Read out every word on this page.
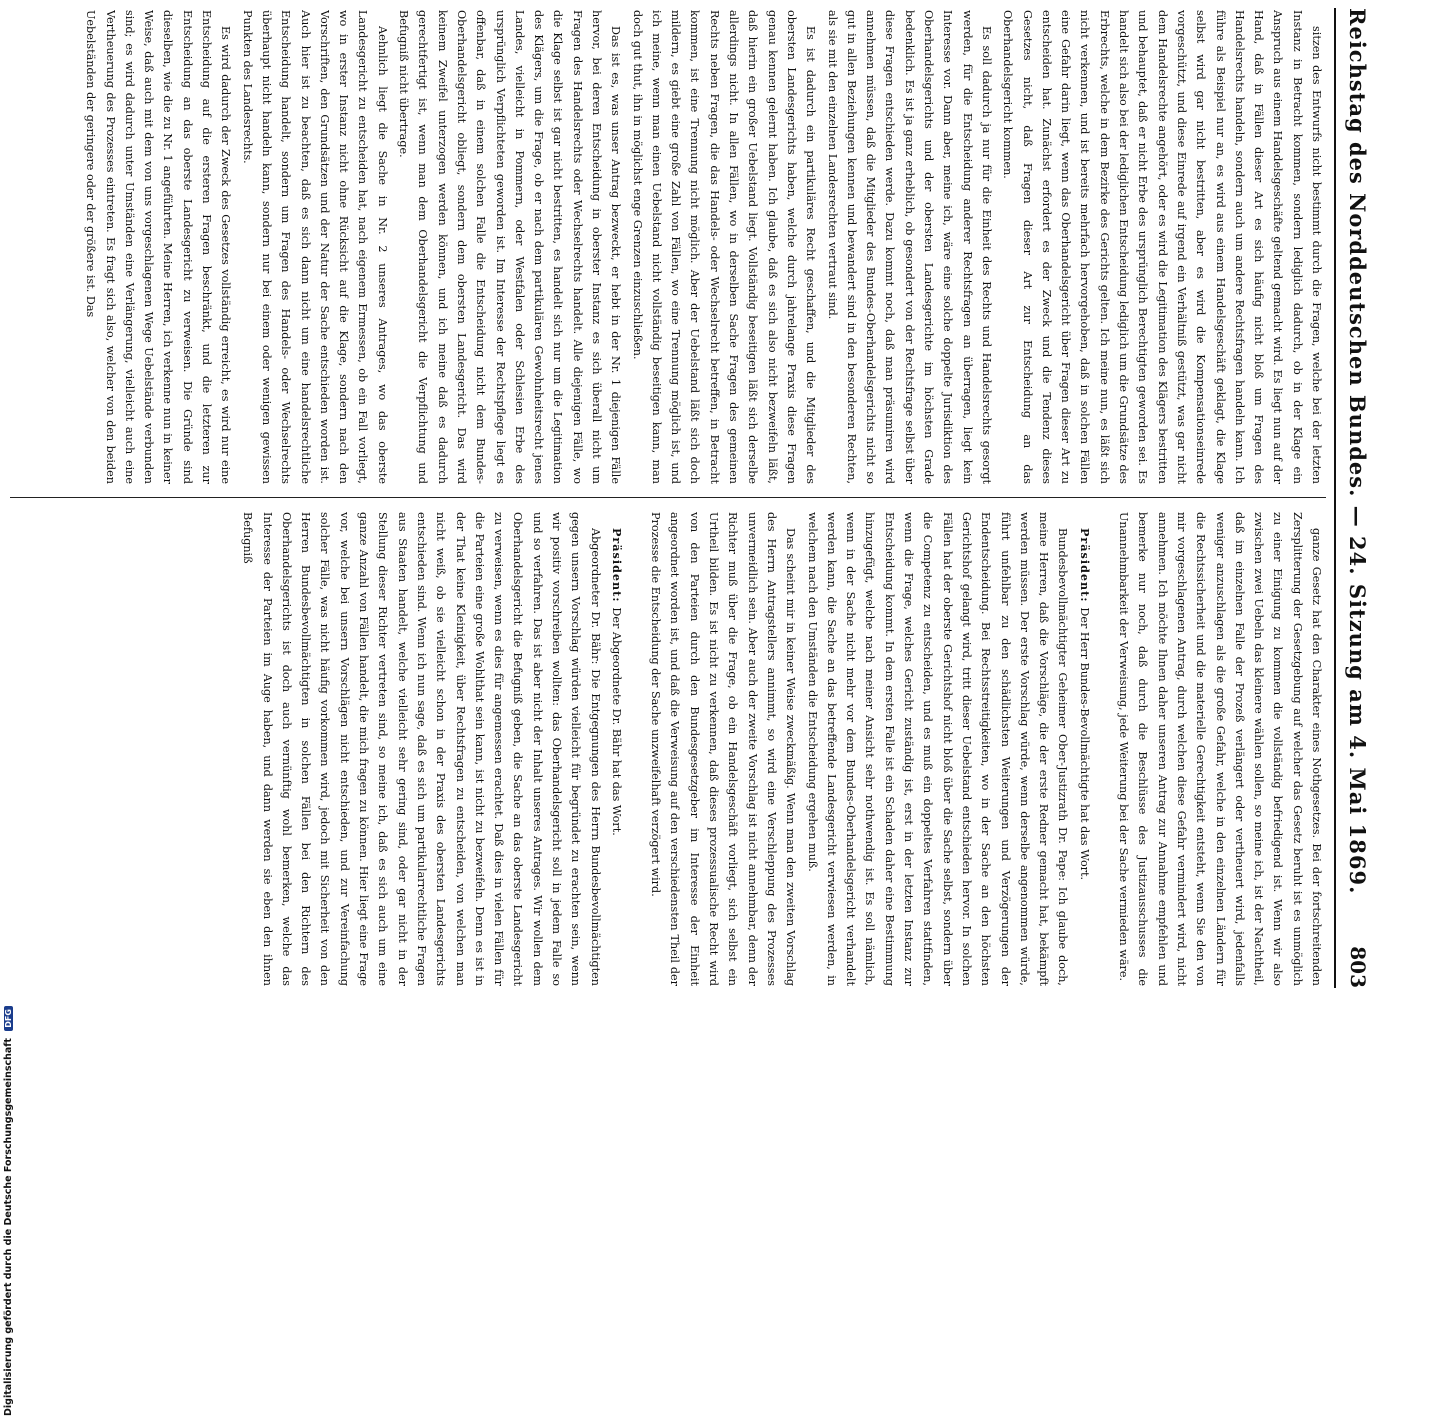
Reichstag des Norddeutschen Bundes. — 24. Sitzung am 4. Mai 1869.
803

sitzen des Entwurfs nicht bestimmt durch die Fragen, welche bei der letzten Instanz in Betracht kommen, sondern lediglich dadurch, ob in der Klage ein Anspruch aus einem Handelsgeschäfte geltend gemacht wird. Es liegt nun auf der Hand, daß in Fällen dieser Art es sich häufig nicht bloß um Fragen des Handelsrechts handeln, sondern auch um andere Rechtsfragen handeln kann. Ich führe als Beispiel nur an, es wird aus einem Handelsgeschäft geklagt, die Klage selbst wird gar nicht bestritten, aber es wird die Kompensationseinrede vorgeschützt, und diese Einrede auf irgend ein Verhältniß gestützt, was gar nicht dem Handelsrechte angehört, oder es wird die Legitimation des Klägers bestritten und behauptet, daß er nicht Erbe des ursprünglich Berechtigten geworden sei. Es handelt sich also bei der lediglichen Entscheidung lediglich um die Grundsätze des Erbrechts, welche in dem Bezirke des Gerichts gelten. Ich meine nun, es läßt sich nicht verkennen, und ist bereits mehrfach hervorgehoben, daß in solchen Fällen eine Gefahr darin liegt, wenn das Oberhandelsgericht über Fragen dieser Art zu entscheiden hat. Zunächst erfordert es der Zweck und die Tendenz dieses Gesetzes nicht, daß Fragen dieser Art zur Entscheidung an das Oberhandelsgericht kommen.

Es soll dadurch ja nur für die Einheit des Rechts und Handelsrechts gesorgt werden, für die Entscheidung anderer Rechtsfragen an überragen, liegt kein Interesse vor. Dann aber, meine ich, wäre eine solche doppelte Jurisdiktion des Oberhandelsgerichts und der obersten Landesgerichte im höchsten Grade bedenklich. Es ist ja ganz erheblich, ob gesondert von der Rechtsfrage selbst über diese Fragen entschieden werde. Dazu kommt noch, daß man präsumiren wird annehmen müssen, daß die Mitglieder des Bundes-Oberhandelsgerichts nicht so gut in allen Beziehungen kennen und bewandert sind in den besonderen Rechten, als sie mit den einzelnen Landesrechten vertraut sind.

Es ist dadurch ein partikuläres Recht geschaffen, und die Mitglieder des obersten Landesgerichts haben, welche durch jahrelange Praxis diese Fragen genau kennen gelernt haben. Ich glaube, daß es sich also nicht bezweifeln läßt, daß hierin ein großer Uebelstand liegt. Vollständig beseitigen läßt sich derselbe allerdings nicht. In allen Fällen, wo in derselben Sache Fragen des gemeinen Rechts neben Fragen, die das Handels- oder Wechselrecht betreffen, in Betracht kommen, ist eine Trennung nicht möglich. Aber der Uebelstand läßt sich doch mildern, es giebt eine große Zahl von Fällen, wo eine Trennung möglich ist, und ich meine, wenn man einen Uebelstand nicht vollständig beseitigen kann, man doch gut thut, ihn in möglichst enge Grenzen einzuschließen.

Das ist es, was unser Antrag bezweckt, er hebt in der Nr. 1 diejenigen Fälle hervor, bei deren Entscheidung in oberster Instanz es sich überall nicht um Fragen des Handelsrechts oder Wechselrechts handelt. Alle diejenigen Fälle, wo die Klage selbst ist gar nicht bestritten, es handelt sich nur um die Legitimation des Klägers, um die Frage, ob er nach dem partikulären Gewohnheitsrecht jenes Landes, vielleicht in Pommern, oder Westfalen oder Schlesien Erbe des ursprünglich Verpflichteten geworden ist. Im Interesse der Rechtspflege liegt es offenbar, daß in einem solchen Falle die Entscheidung nicht dem Bundes-Oberhandelsgericht obliegt, sondern dem obersten Landesgericht. Das wird keinem Zweifel unterzogen werden können, und ich meine daß es dadurch gerechtfertigt ist, wenn man dem Oberhandelsgericht die Verpflichtung und Befugniß nicht übertrage.

Aehnlich liegt die Sache in Nr. 2 unseres Antrages, wo das oberste Landesgericht zu entscheiden hat, nach eigenem Ermessen, ob ein Fall vorliegt, wo in erster Instanz nicht ohne Rücksicht auf die Klage, sondern nach den Vorschriften, den Grundsätzen und der Natur der Sache entschieden worden ist. Auch hier ist zu beachten, daß es sich dann nicht um eine handelsrechtliche Entscheidung handelt, sondern um Fragen des Handels- oder Wechselrechts überhaupt nicht handeln kann, sondern nur bei einem oder wenigen gewissen Punkten des Landesrechts.

Es wird dadurch der Zweck des Gesetzes vollständig erreicht, es wird nur eine Entscheidung auf die ersteren Fragen beschränkt, und die letzteren zur Entscheidung an das oberste Landesgericht zu verweisen. Die Gründe sind dieselben, wie die zu Nr. 1 angeführten. Meine Herren, ich verkenne nun in keiner Weise, daß auch mit dem von uns vorgeschlagenen Wege Uebelstände verbunden sind; es wird dadurch unter Umständen eine Verlängerung, vielleicht auch eine Vertheuerung des Prozesses eintreten. Es fragt sich also, welcher von den beiden Uebelständen der geringere oder der größere ist. Das

ganze Gesetz hat den Charakter eines Nothgesetzes. Bei der fortschreitenden Zersplitterung der Gesetzgebung auf welcher das Gesetz beruht ist es unmöglich zu einer Einigung zu kommen die vollständig befriedigend ist. Wenn wir also zwischen zwei Uebeln das kleinere wählen sollen, so meine ich, ist der Nachtheil, daß im einzelnen Falle der Prozeß verlängert oder vertheuert wird, jedenfalls weniger anzuschlagen als die große Gefahr, welche in den einzelnen Ländern für die Rechtssicherheit und die materielle Gerechtigkeit entsteht, wenn Sie den von mir vorgeschlagenen Antrag, durch welchen diese Gefahr vermindert wird, nicht annehmen. Ich möchte Ihnen daher unseren Antrag zur Annahme empfehlen und bemerke nur noch, daß durch die Beschlüsse des Justizausschusses die Unannehmbarkeit der Verweisung, jede Weiterung bei der Sache vermieden wäre.

Präsident: Der Herr Bundes-Bevollmächtigte hat das Wort.

Bundesbevollmächtigter Geheimer Ober-Justizrath Dr. Pape: Ich glaube doch, meine Herren, daß die Vorschläge, die der erste Redner gemacht hat, bekämpft werden müssen. Der erste Vorschlag würde, wenn derselbe angenommen würde, führt unfehlbar zu den schädlichsten Weiterungen und Verzögerungen der Endentscheidung. Bei Rechtsstreitigkeiten, wo in der Sache an den höchsten Gerichtshof gelangt wird, tritt dieser Uebelstand entschieden hervor. In solchen Fällen hat der oberste Gerichtshof nicht bloß über die Sache selbst, sondern über die Competenz zu entscheiden, und es muß ein doppeltes Verfahren stattfinden, wenn die Frage, welches Gericht zuständig ist, erst in der letzten Instanz zur Entscheidung kommt. In dem ersten Falle ist ein Schaden daher eine Bestimmung hinzugefügt, welche nach meiner Ansicht sehr nothwendig ist. Es soll nämlich, wenn in der Sache nicht mehr vor dem Bundes-Oberhandelsgericht verhandelt werden kann, die Sache an das betreffende Landesgericht verwiesen werden, in welchem nach den Umständen die Entscheidung ergehen muß.

Das scheint mir in keiner Weise zweckmäßig. Wenn man den zweiten Vorschlag des Herrn Antragstellers annimmt, so wird eine Verschleppung des Prozesses unvermeidlich sein. Aber auch der zweite Vorschlag ist nicht annehmbar, denn der Richter muß über die Frage, ob ein Handelsgeschäft vorliegt, sich selbst ein Urtheil bilden. Es ist nicht zu verkennen, daß dieses prozessualische Recht wird von den Parteien durch den Bundesgesetzgeber im Interesse der Einheit angeordnet worden ist, und daß die Verweisung auf den verschiedensten Theil der Prozesse die Entscheidung der Sache unzweifelhaft verzögert wird.

Präsident: Der Abgeordnete Dr. Bähr hat das Wort.

Abgeordneter Dr. Bähr: Die Entgegnungen des Herrn Bundesbevollmächtigten gegen unsern Vorschlag würden vielleicht für begründet zu erachten sein, wenn wir positiv vorschreiben wollten: das Oberhandelsgericht soll in jedem Falle so und so verfahren. Das ist aber nicht der Inhalt unseres Antrages. Wir wollen dem Oberhandelsgericht die Befugniß geben, die Sache an das oberste Landesgericht zu verweisen, wenn es dies für angemessen erachtet. Daß dies in vielen Fällen für die Parteien eine große Wohlthat sein kann, ist nicht zu bezweifeln. Denn es ist in der That keine Kleinigkeit, über Rechtsfragen zu entscheiden, von welchen man nicht weiß, ob sie vielleicht schon in der Praxis des obersten Landesgerichts entschieden sind. Wenn ich nun sage, daß es sich um partikularrechtliche Fragen aus Staaten handelt, welche vielleicht sehr gering sind, oder gar nicht in der Stellung dieser Richter vertreten sind, so meine ich, daß es sich auch um eine ganze Anzahl von Fällen handelt, die mich fragen zu können. Hier liegt eine Frage vor, welche bei unsern Vorschlägen nicht entschieden, und zur Vereinfachung solcher Fälle, was nicht häufig vorkommen wird, jedoch mit Sicherheit von den Herren Bundesbevollmächtigten in solchen Fällen bei den Richtern des Oberhandelsgerichts ist doch auch vernünftig wohl bemerken, welche das Interesse der Parteien im Auge haben, und dann werden sie eben den ihnen Befugniß

Digitalisierung gefördert durch die Deutsche Forschungsgemeinschaft DFG
